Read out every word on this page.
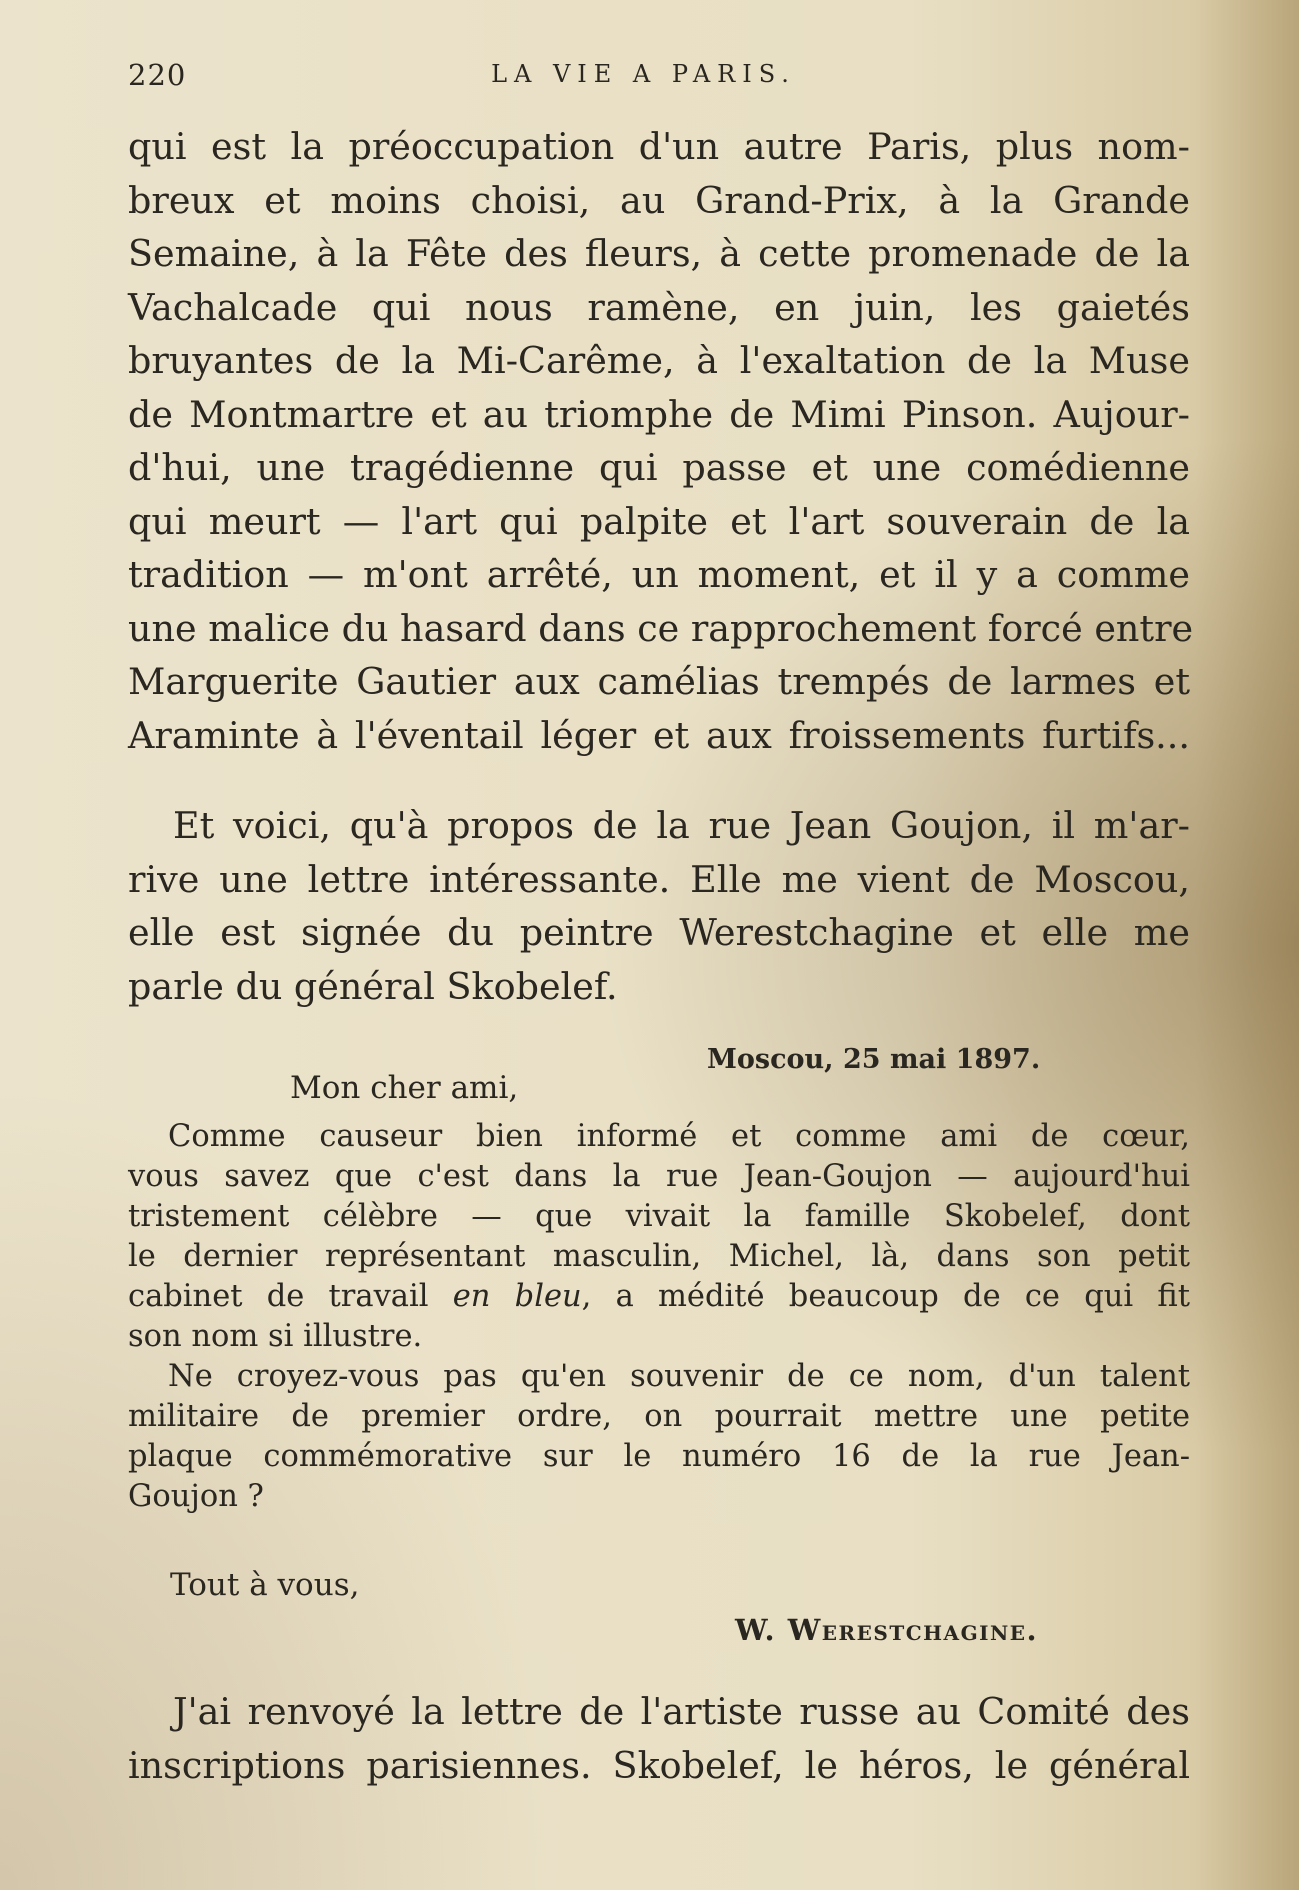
220	LA VIE A PARIS.
qui est la préoccupation d'un autre Paris, plus nom-
breux et moins choisi, au Grand-Prix, à la Grande
Semaine, à la Fête des fleurs, à cette promenade de la
Vachalcade qui nous ramène, en juin, les gaietés
bruyantes de la Mi-Carême, à l'exaltation de la Muse
de Montmartre et au triomphe de Mimi Pinson. Aujour-
d'hui, une tragédienne qui passe et une comédienne
qui meurt — l'art qui palpite et l'art souverain de la
tradition — m'ont arrêté, un moment, et il y a comme
une malice du hasard dans ce rapprochement forcé entre
Marguerite Gautier aux camélias trempés de larmes et
Araminte à l'éventail léger et aux froissements furtifs...
Et voici, qu'à propos de la rue Jean Goujon, il m'ar-
rive une lettre intéressante. Elle me vient de Moscou,
elle est signée du peintre Werestchagine et elle me
parle du général Skobelef.
Moscou, 25 mai 1897.
Mon cher ami,
Comme causeur bien informé et comme ami de cœur,
vous savez que c'est dans la rue Jean-Goujon — aujourd'hui
tristement célèbre — que vivait la famille Skobelef, dont
le dernier représentant masculin, Michel, là, dans son petit
cabinet de travail en bleu, a médité beaucoup de ce qui fit
son nom si illustre.
Ne croyez-vous pas qu'en souvenir de ce nom, d'un talent
militaire de premier ordre, on pourrait mettre une petite
plaque commémorative sur le numéro 16 de la rue Jean-
Goujon ?
Tout à vous,
W. Werestchagine.
J'ai renvoyé la lettre de l'artiste russe au Comité des
inscriptions parisiennes. Skobelef, le héros, le général
